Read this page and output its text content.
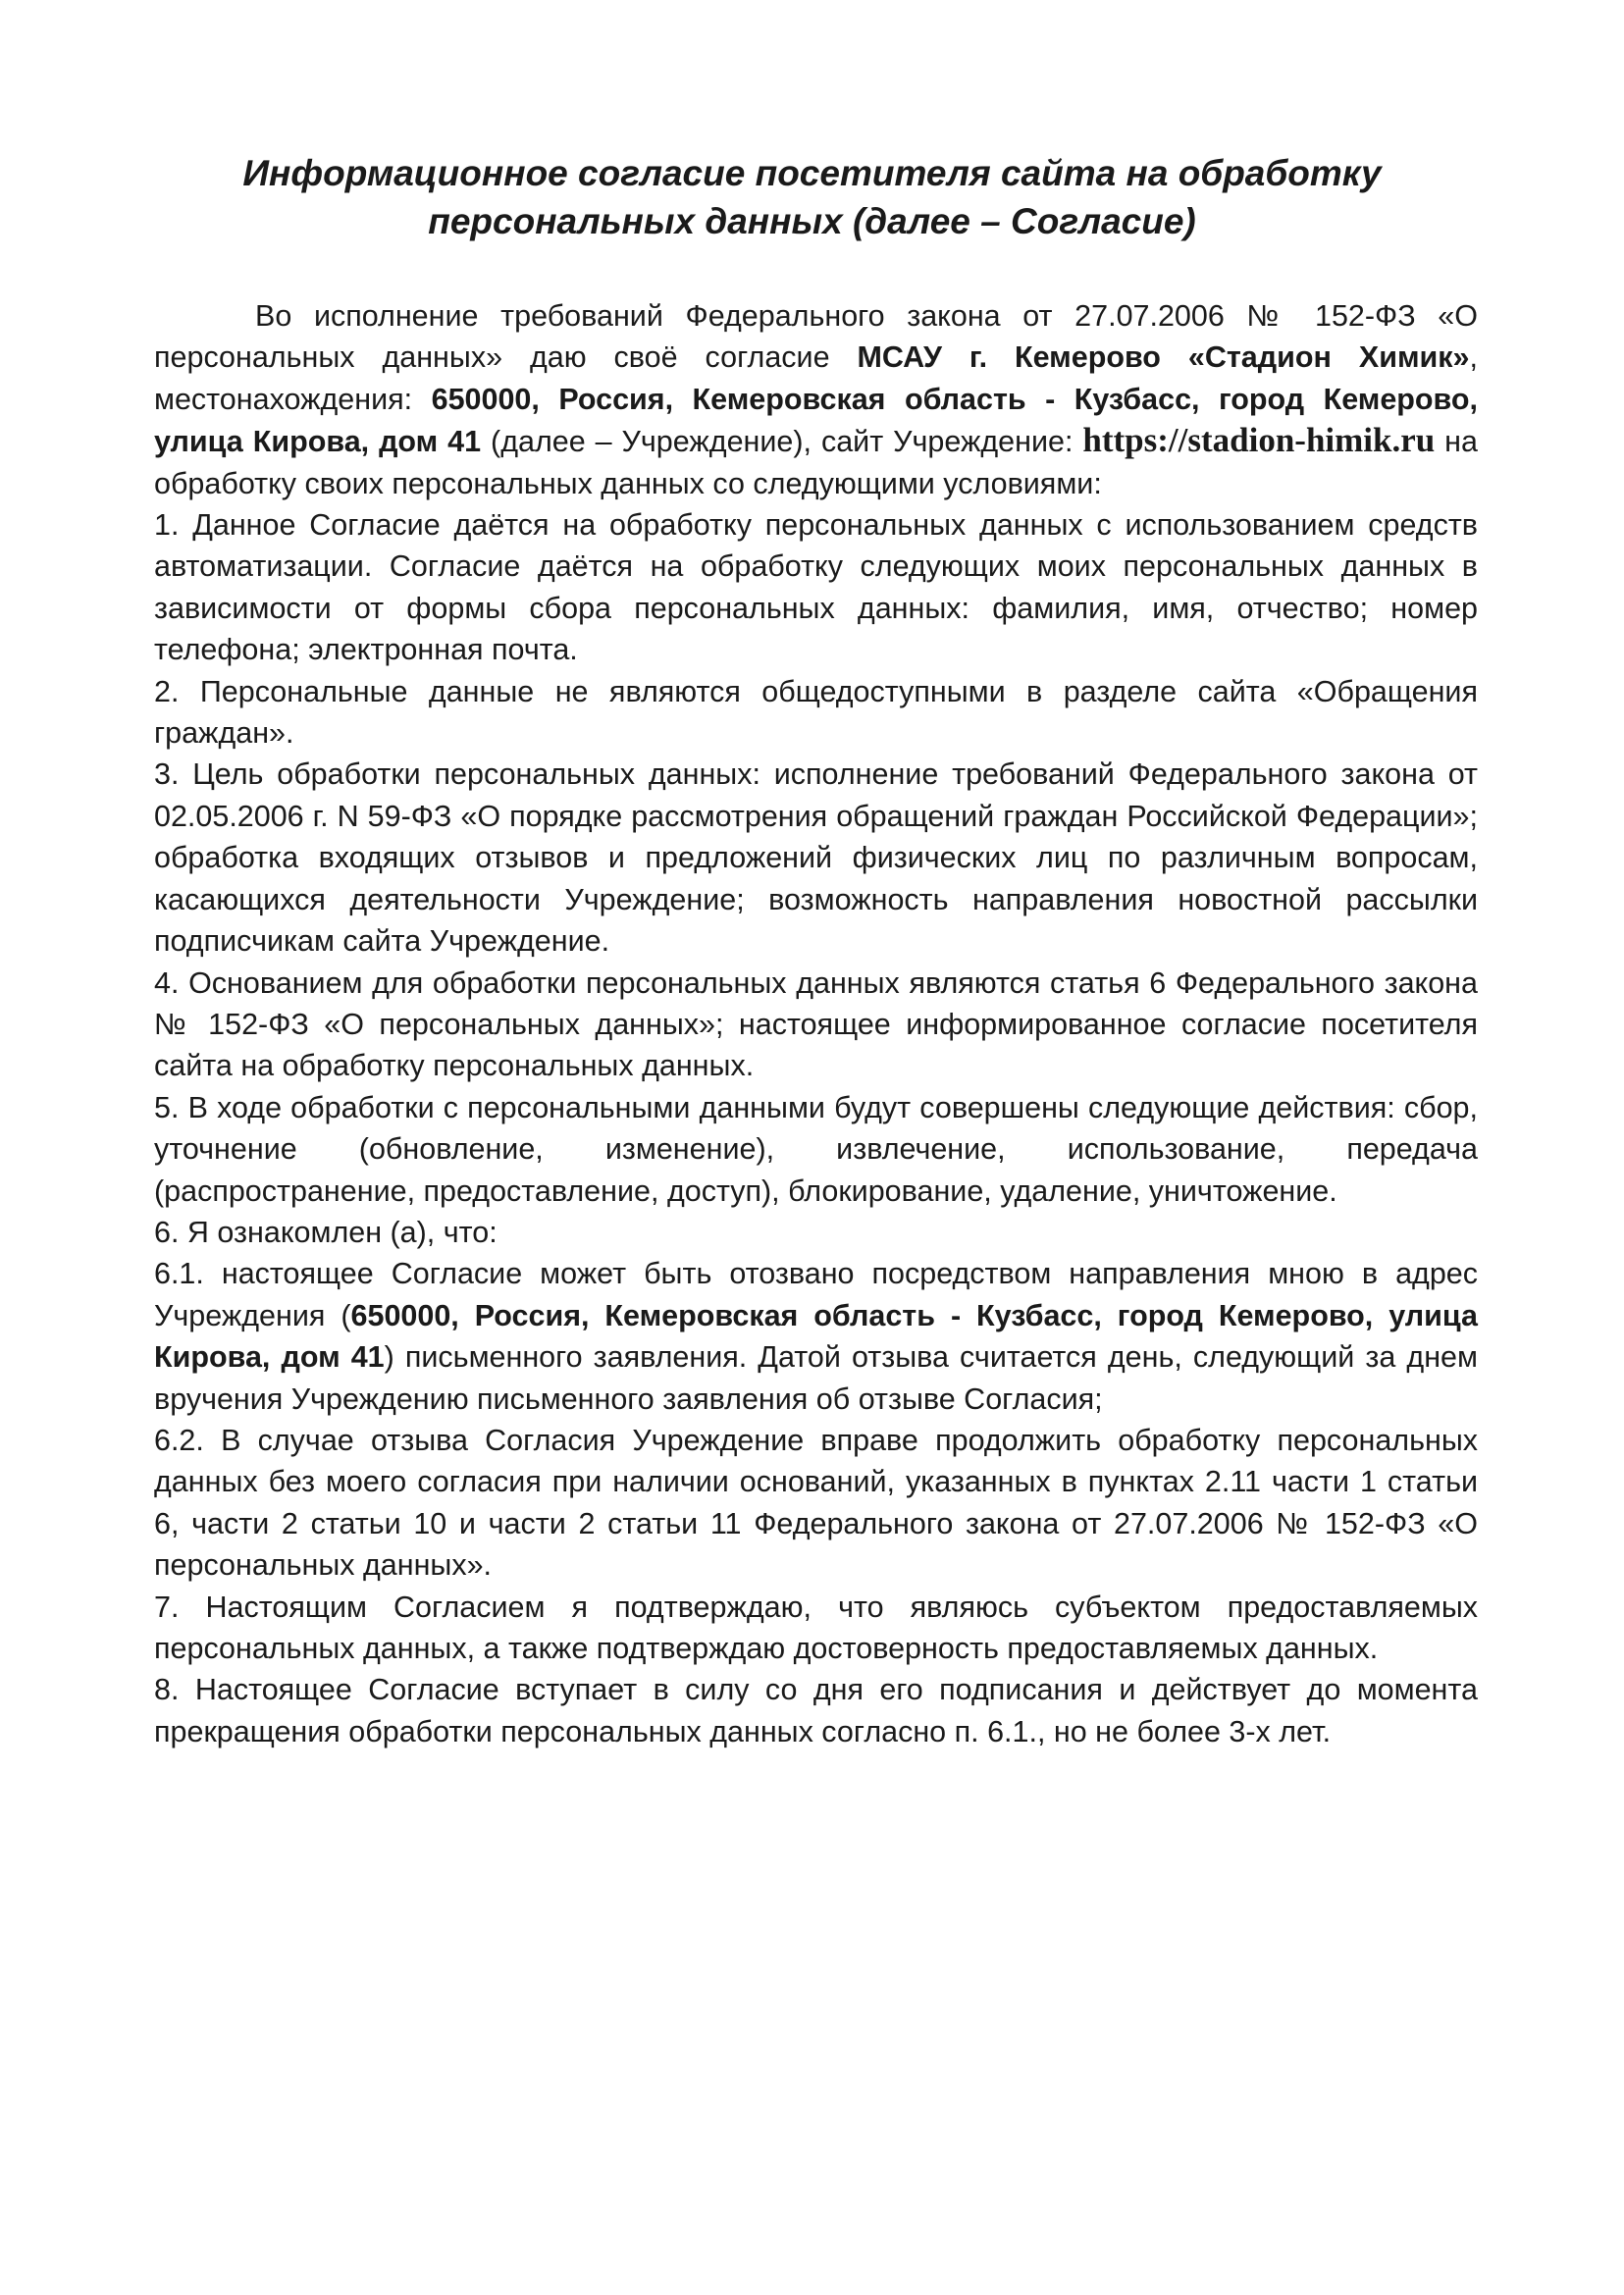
Информационное согласие посетителя сайта на обработку
персональных данных (далее – Согласие)

Во исполнение требований Федерального закона от 27.07.2006 № 152-ФЗ «О персональных данных» даю своё согласие МСАУ г. Кемерово «Стадион Химик», местонахождения: 650000, Россия, Кемеровская область - Кузбасс, город Кемерово, улица Кирова, дом 41 (далее – Учреждение), сайт Учреждение: https://stadion-himik.ru на обработку своих персональных данных со следующими условиями:

1. Данное Согласие даётся на обработку персональных данных с использованием средств автоматизации. Согласие даётся на обработку следующих моих персональных данных в зависимости от формы сбора персональных данных: фамилия, имя, отчество; номер телефона; электронная почта.

2. Персональные данные не являются общедоступными в разделе сайта «Обращения граждан».

3. Цель обработки персональных данных: исполнение требований Федерального закона от 02.05.2006 г. N 59-ФЗ «О порядке рассмотрения обращений граждан Российской Федерации»; обработка входящих отзывов и предложений физических лиц по различным вопросам, касающихся деятельности Учреждение; возможность направления новостной рассылки подписчикам сайта Учреждение.

4. Основанием для обработки персональных данных являются статья 6 Федерального закона № 152-ФЗ «О персональных данных»; настоящее информированное согласие посетителя сайта на обработку персональных данных.

5. В ходе обработки с персональными данными будут совершены следующие действия: сбор, уточнение (обновление, изменение), извлечение, использование, передача (распространение, предоставление, доступ), блокирование, удаление, уничтожение.

6. Я ознакомлен (а), что:

6.1. настоящее Согласие может быть отозвано посредством направления мною в адрес Учреждения (650000, Россия, Кемеровская область - Кузбасс, город Кемерово, улица Кирова, дом 41) письменного заявления. Датой отзыва считается день, следующий за днем вручения Учреждению письменного заявления об отзыве Согласия;

6.2. В случае отзыва Согласия Учреждение вправе продолжить обработку персональных данных без моего согласия при наличии оснований, указанных в пунктах 2.11 части 1 статьи 6, части 2 статьи 10 и части 2 статьи 11 Федерального закона от 27.07.2006 № 152-ФЗ «О персональных данных».

7. Настоящим Согласием я подтверждаю, что являюсь субъектом предоставляемых персональных данных, а также подтверждаю достоверность предоставляемых данных.

8. Настоящее Согласие вступает в силу со дня его подписания и действует до момента прекращения обработки персональных данных согласно п. 6.1., но не более 3-х лет.
